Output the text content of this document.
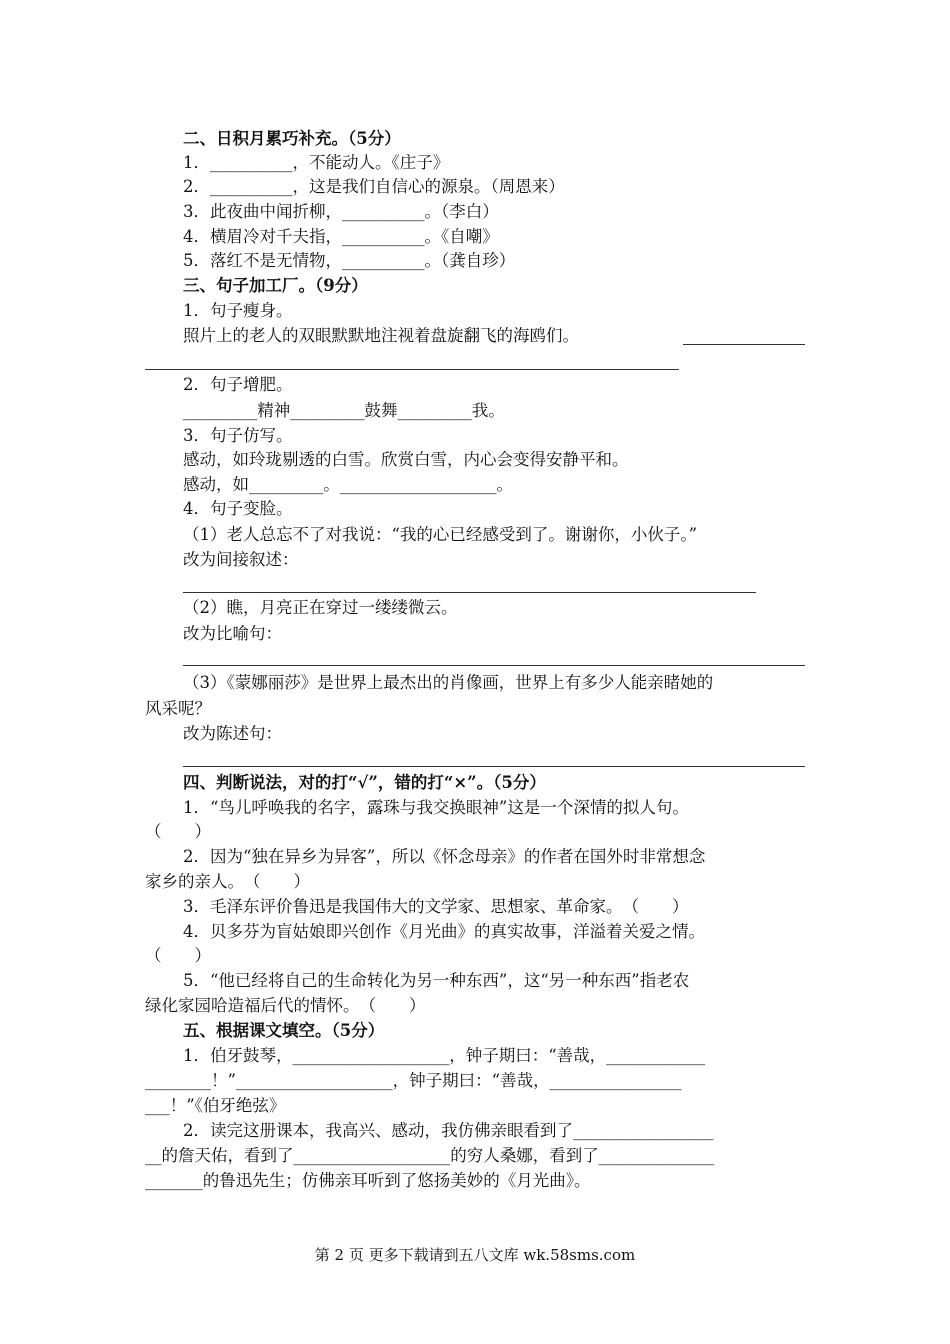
二、日积月累巧补充。（5分）
1．__________，不能动人。《庄子》
2．__________，这是我们自信心的源泉。（周恩来）
3．此夜曲中闻折柳，__________。（李白）
4．横眉冷对千夫指，__________。《自嘲》
5．落红不是无情物，__________。（龚自珍）
三、句子加工厂。（9分）
1．句子瘦身。
照片上的老人的双眼默默地注视着盘旋翻飞的海鸥们。
2．句子增肥。
_________精神_________鼓舞_________我。
3．句子仿写。
感动，如玲珑剔透的白雪。欣赏白雪，内心会变得安静平和。
感动，如_________。___________________。
4．句子变脸。
（1）老人总忘不了对我说：“我的心已经感受到了。谢谢你，小伙子。”
改为间接叙述：
（2）瞧，月亮正在穿过一缕缕微云。
改为比喻句：
（3）《蒙娜丽莎》是世界上最杰出的肖像画，世界上有多少人能亲睹她的
风采呢？
改为陈述句：
四、判断说法，对的打“√”，错的打“×”。（5分）
1．“鸟儿呼唤我的名字，露珠与我交换眼神”这是一个深情的拟人句。
（　　）
2．因为“独在异乡为异客”，所以《怀念母亲》的作者在国外时非常想念
家乡的亲人。　（　　）
3．毛泽东评价鲁迅是我国伟大的文学家、思想家、革命家。　（　　）
4．贝多芬为盲姑娘即兴创作《月光曲》的真实故事，洋溢着关爱之情。
（　　）
5．“他已经将自己的生命转化为另一种东西”，这“另一种东西”指老农
绿化家园哈造福后代的情怀。　（　　）
五、根据课文填空。（5分）
1．伯牙鼓琴，___________________，钟子期曰：“善哉，____________
________！”___________________，钟子期曰：“善哉，________________
___！”《伯牙绝弦》
2．读完这册课本，我高兴、感动，我仿佛亲眼看到了_________________
__的詹天佑，看到了___________________的穷人桑娜，看到了______________
_______的鲁迅先生；仿佛亲耳听到了悠扬美妙的《月光曲》。
第 2 页 更多下载请到五八文库 wk.58sms.com
